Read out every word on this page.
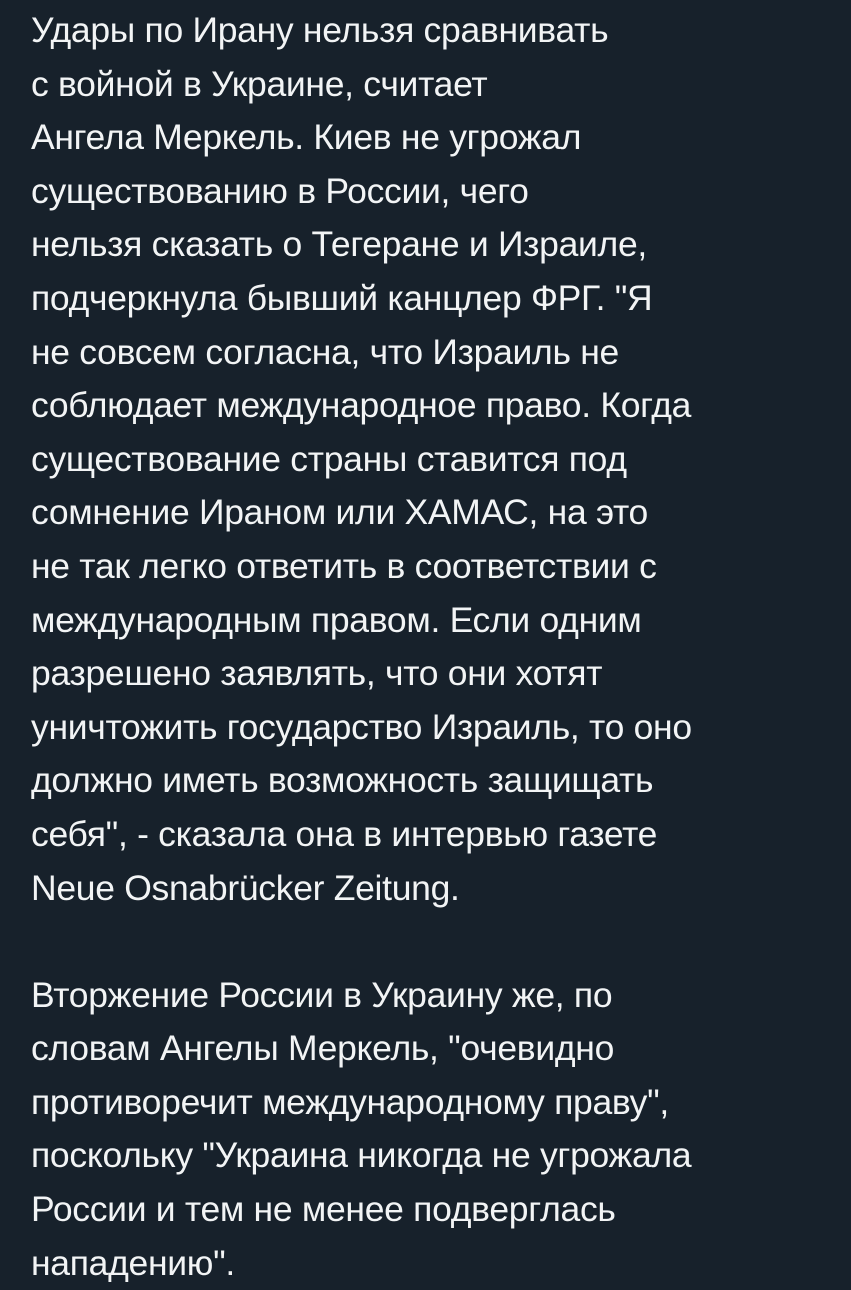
Удары по Ирану нельзя сравнивать
с войной в Украине, считает
Ангела Меркель. Киев не угрожал
существованию в России, чего
нельзя сказать о Тегеране и Израиле,
подчеркнула бывший канцлер ФРГ. "Я
не совсем согласна, что Израиль не
соблюдает международное право. Когда
существование страны ставится под
сомнение Ираном или ХАМАС, на это
не так легко ответить в соответствии с
международным правом. Если одним
разрешено заявлять, что они хотят
уничтожить государство Израиль, то оно
должно иметь возможность защищать
себя", - сказала она в интервью газете
Neue Osnabrücker Zeitung.
Вторжение России в Украину же, по
словам Ангелы Меркель, "очевидно
противоречит международному праву",
поскольку "Украина никогда не угрожала
России и тем не менее подверглась
нападению".
